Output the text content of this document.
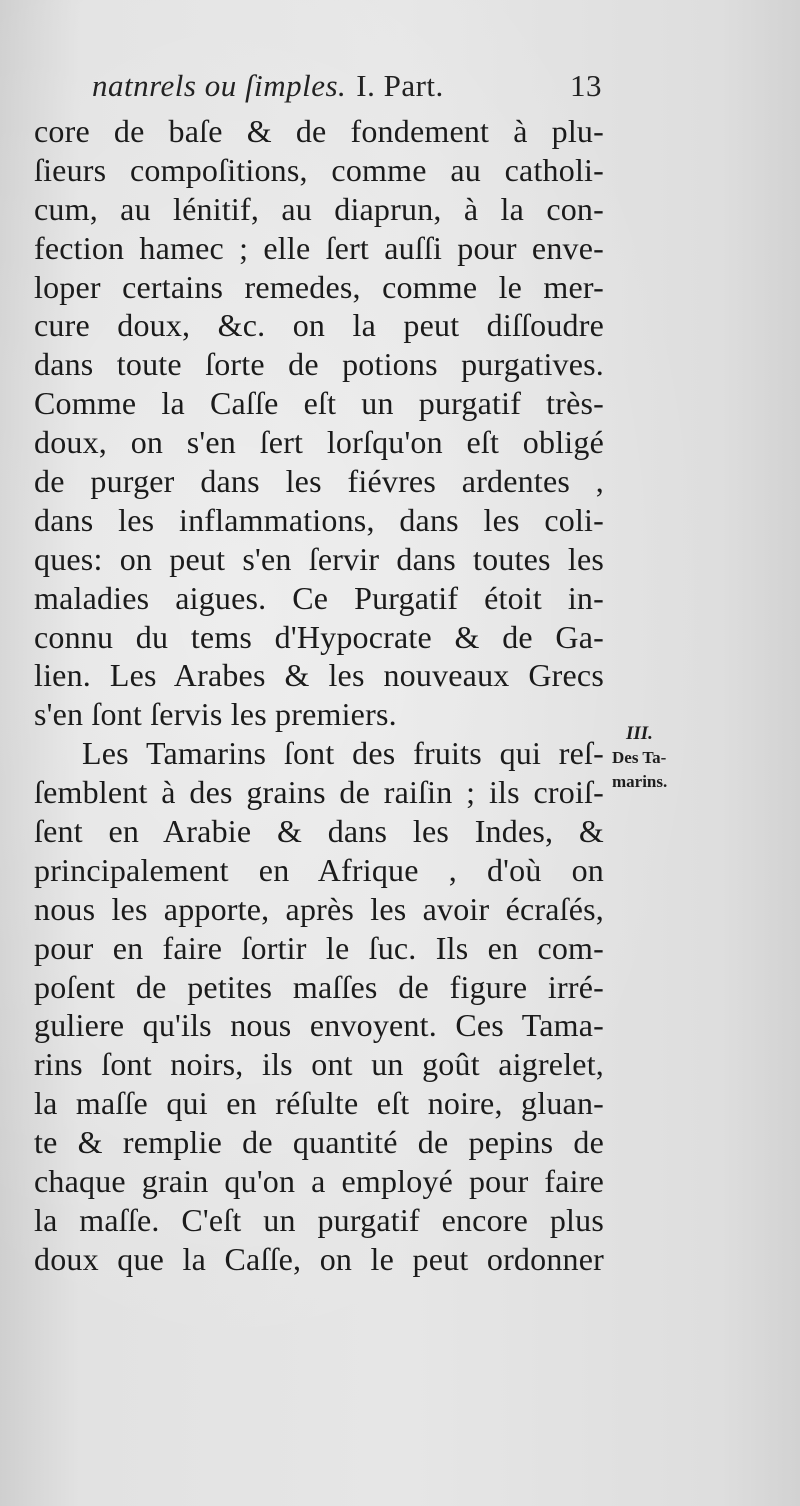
natnrels ou ſimples. I. Part.	13
core de baſe & de fondement à plu-
ſieurs compoſitions, comme au catholi-
cum, au lénitif, au diaprun, à la con-
fection hamec ; elle ſert auſſi pour enve-
loper certains remedes, comme le mer-
cure doux, &c. on la peut diſſoudre
dans toute ſorte de potions purgatives.
Comme la Caſſe eſt un purgatif très-
doux, on s'en ſert lorſqu'on eſt obligé
de purger dans les fiévres ardentes ,
dans les inflammations, dans les coli-
ques: on peut s'en ſervir dans toutes les
maladies aigues. Ce Purgatif étoit in-
connu du tems d'Hypocrate & de Ga-
lien. Les Arabes & les nouveaux Grecs
s'en ſont ſervis les premiers.
Les Tamarins ſont des fruits qui reſ-
ſemblent à des grains de raiſin ; ils croiſ-
ſent en Arabie & dans les Indes, &
principalement en Afrique , d'où on
nous les apporte, après les avoir écraſés,
pour en faire ſortir le ſuc. Ils en com-
poſent de petites maſſes de figure irré-
guliere qu'ils nous envoyent. Ces Tama-
rins ſont noirs, ils ont un goût aigrelet,
la maſſe qui en réſulte eſt noire, gluan-
te & remplie de quantité de pepins de
chaque grain qu'on a employé pour faire
la maſſe. C'eſt un purgatif encore plus
doux que la Caſſe, on le peut ordonner
III.
Des Ta-
marins.
